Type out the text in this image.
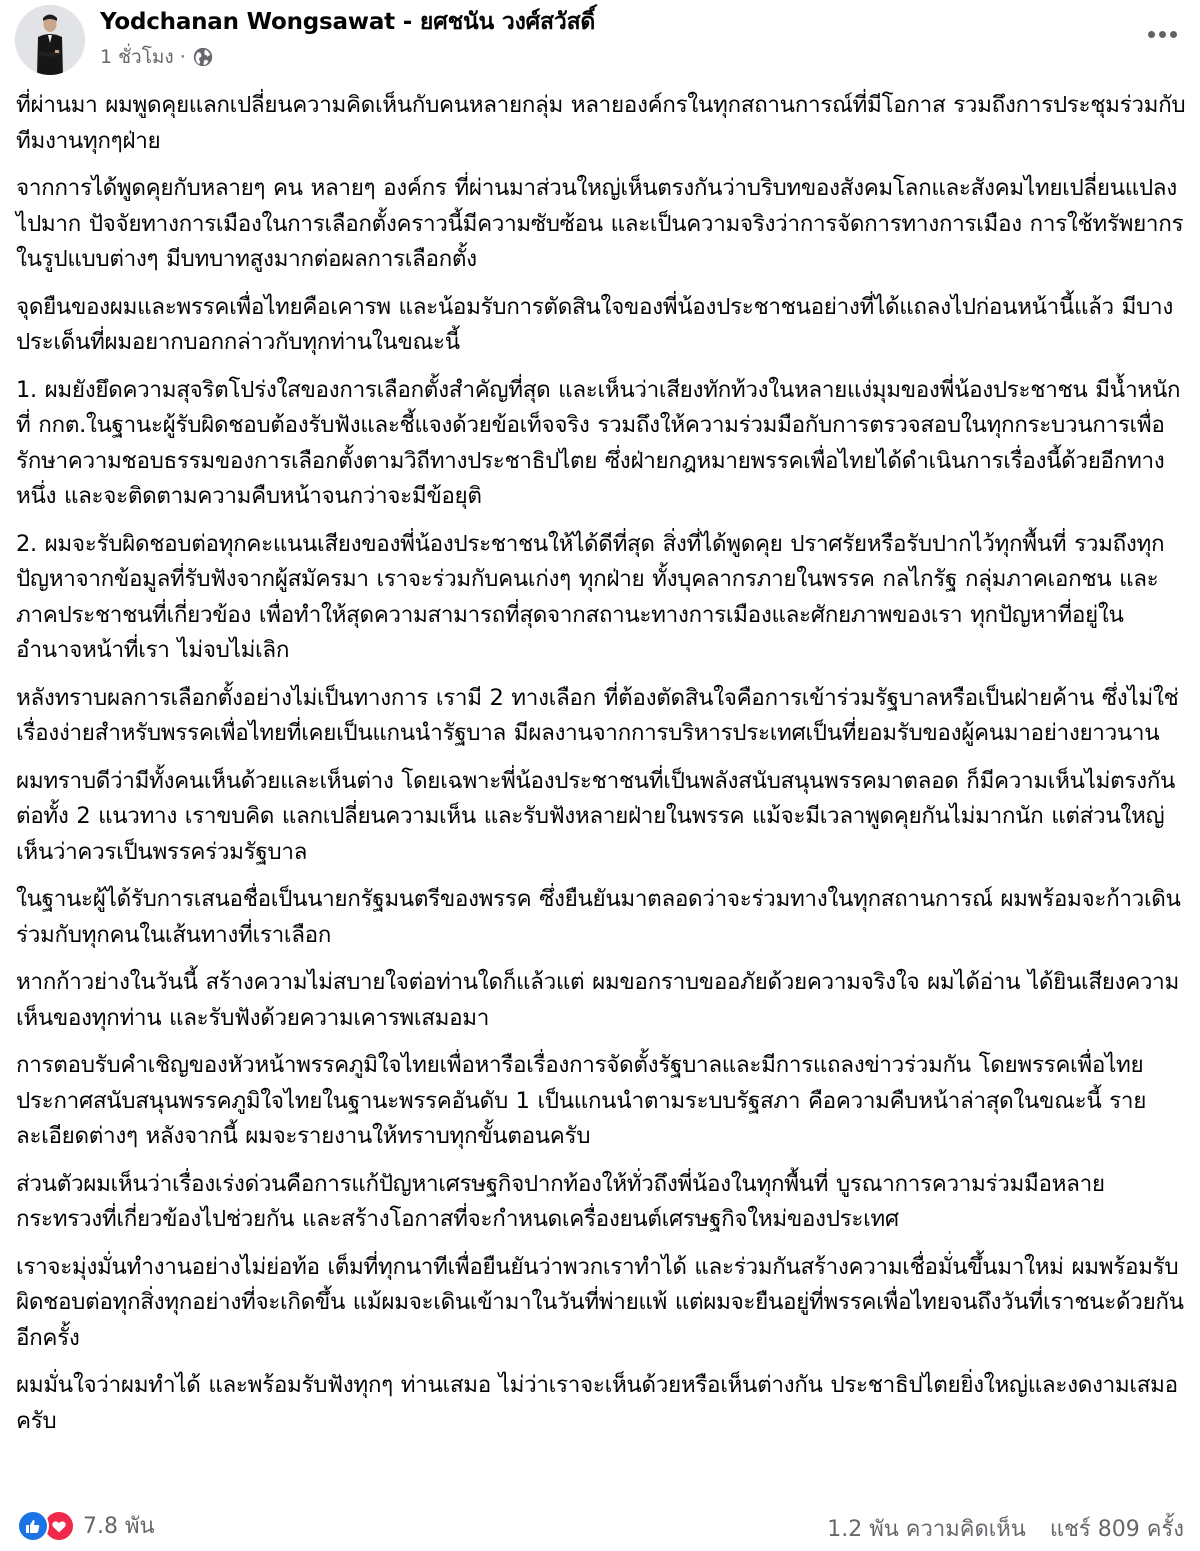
Yodchanan Wongsawat - ยศชนัน วงศ์สวัสดิ์
1 ชั่วโมง ·

ที่ผ่านมา ผมพูดคุยแลกเปลี่ยนความคิดเห็นกับคนหลายกลุ่ม หลายองค์กรในทุกสถานการณ์ที่มีโอกาส รวมถึงการประชุมร่วมกับทีมงานทุกๆฝ่าย

จากการได้พูดคุยกับหลายๆ คน หลายๆ องค์กร ที่ผ่านมาส่วนใหญ่เห็นตรงกันว่าบริบทของสังคมโลกและสังคมไทยเปลี่ยนแปลงไปมาก ปัจจัยทางการเมืองในการเลือกตั้งคราวนี้มีความซับซ้อน และเป็นความจริงว่าการจัดการทางการเมือง การใช้ทรัพยากรในรูปแบบต่างๆ มีบทบาทสูงมากต่อผลการเลือกตั้ง

จุดยืนของผมและพรรคเพื่อไทยคือเคารพ และน้อมรับการตัดสินใจของพี่น้องประชาชนอย่างที่ได้แถลงไปก่อนหน้านี้แล้ว มีบางประเด็นที่ผมอยากบอกกล่าวกับทุกท่านในขณะนี้

1. ผมยังยึดความสุจริตโปร่งใสของการเลือกตั้งสำคัญที่สุด และเห็นว่าเสียงทักท้วงในหลายแง่มุมของพี่น้องประชาชน มีน้ำหนักที่ กกต.ในฐานะผู้รับผิดชอบต้องรับฟังและชี้แจงด้วยข้อเท็จจริง รวมถึงให้ความร่วมมือกับการตรวจสอบในทุกกระบวนการเพื่อรักษาความชอบธรรมของการเลือกตั้งตามวิถีทางประชาธิปไตย ซึ่งฝ่ายกฎหมายพรรคเพื่อไทยได้ดำเนินการเรื่องนี้ด้วยอีกทางหนึ่ง และจะติดตามความคืบหน้าจนกว่าจะมีข้อยุติ

2. ผมจะรับผิดชอบต่อทุกคะแนนเสียงของพี่น้องประชาชนให้ได้ดีที่สุด สิ่งที่ได้พูดคุย ปราศรัยหรือรับปากไว้ทุกพื้นที่ รวมถึงทุกปัญหาจากข้อมูลที่รับฟังจากผู้สมัครมา เราจะร่วมกับคนเก่งๆ ทุกฝ่าย ทั้งบุคลากรภายในพรรค กลไกรัฐ กลุ่มภาคเอกชน และภาคประชาชนที่เกี่ยวข้อง เพื่อทำให้สุดความสามารถที่สุดจากสถานะทางการเมืองและศักยภาพของเรา ทุกปัญหาที่อยู่ในอำนาจหน้าที่เรา ไม่จบไม่เลิก

หลังทราบผลการเลือกตั้งอย่างไม่เป็นทางการ เรามี 2 ทางเลือก ที่ต้องตัดสินใจคือการเข้าร่วมรัฐบาลหรือเป็นฝ่ายค้าน ซึ่งไม่ใช่เรื่องง่ายสำหรับพรรคเพื่อไทยที่เคยเป็นแกนนำรัฐบาล มีผลงานจากการบริหารประเทศเป็นที่ยอมรับของผู้คนมาอย่างยาวนาน

ผมทราบดีว่ามีทั้งคนเห็นด้วยและเห็นต่าง โดยเฉพาะพี่น้องประชาชนที่เป็นพลังสนับสนุนพรรคมาตลอด ก็มีความเห็นไม่ตรงกันต่อทั้ง 2 แนวทาง เราขบคิด แลกเปลี่ยนความเห็น และรับฟังหลายฝ่ายในพรรค แม้จะมีเวลาพูดคุยกันไม่มากนัก แต่ส่วนใหญ่เห็นว่าควรเป็นพรรคร่วมรัฐบาล

ในฐานะผู้ได้รับการเสนอชื่อเป็นนายกรัฐมนตรีของพรรค ซึ่งยืนยันมาตลอดว่าจะร่วมทางในทุกสถานการณ์ ผมพร้อมจะก้าวเดินร่วมกับทุกคนในเส้นทางที่เราเลือก

หากก้าวย่างในวันนี้ สร้างความไม่สบายใจต่อท่านใดก็แล้วแต่ ผมขอกราบขออภัยด้วยความจริงใจ ผมได้อ่าน ได้ยินเสียงความเห็นของทุกท่าน และรับฟังด้วยความเคารพเสมอมา

การตอบรับคำเชิญของหัวหน้าพรรคภูมิใจไทยเพื่อหารือเรื่องการจัดตั้งรัฐบาลและมีการแถลงข่าวร่วมกัน โดยพรรคเพื่อไทยประกาศสนับสนุนพรรคภูมิใจไทยในฐานะพรรคอันดับ 1 เป็นแกนนำตามระบบรัฐสภา คือความคืบหน้าล่าสุดในขณะนี้ รายละเอียดต่างๆ หลังจากนี้ ผมจะรายงานให้ทราบทุกขั้นตอนครับ

ส่วนตัวผมเห็นว่าเรื่องเร่งด่วนคือการแก้ปัญหาเศรษฐกิจปากท้องให้ทั่วถึงพี่น้องในทุกพื้นที่ บูรณาการความร่วมมือหลายกระทรวงที่เกี่ยวข้องไปช่วยกัน และสร้างโอกาสที่จะกำหนดเครื่องยนต์เศรษฐกิจใหม่ของประเทศ

เราจะมุ่งมั่นทำงานอย่างไม่ย่อท้อ เต็มที่ทุกนาทีเพื่อยืนยันว่าพวกเราทำได้ และร่วมกันสร้างความเชื่อมั่นขึ้นมาใหม่ ผมพร้อมรับผิดชอบต่อทุกสิ่งทุกอย่างที่จะเกิดขึ้น แม้ผมจะเดินเข้ามาในวันที่พ่ายแพ้ แต่ผมจะยืนอยู่ที่พรรคเพื่อไทยจนถึงวันที่เราชนะด้วยกันอีกครั้ง

ผมมั่นใจว่าผมทำได้ และพร้อมรับฟังทุกๆ ท่านเสมอ ไม่ว่าเราจะเห็นด้วยหรือเห็นต่างกัน ประชาธิปไตยยิ่งใหญ่และงดงามเสมอครับ

7.8 พัน	1.2 พัน ความคิดเห็น แชร์ 809 ครั้ง
